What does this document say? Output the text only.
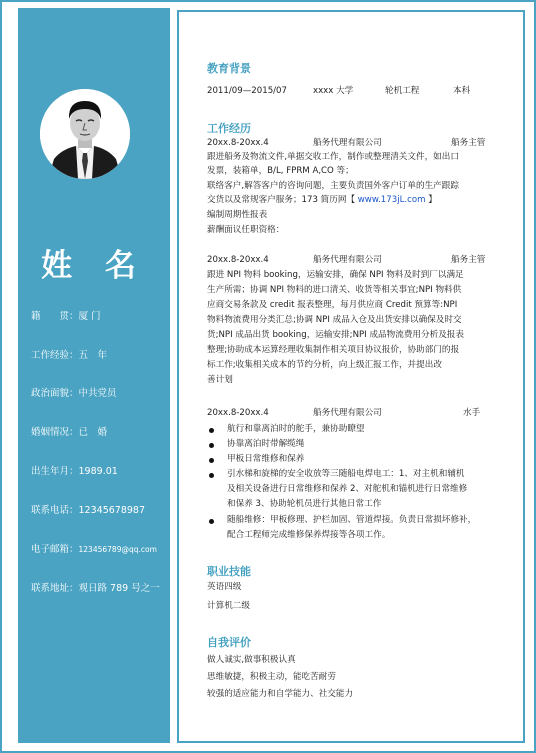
姓 名
籍　　贯：厦 门
工作经验：五　年
政治面貌：中共党员
婚姻情况：已　婚
出生年月：1989.01
联系电话：12345678987
电子邮箱：123456789@qq.com
联系地址：观日路 789 号之一
教育背景
2011/09—2015/07	xxxx 大学	轮机工程	本科
工作经历
20xx.8-20xx.4	船务代理有限公司	船务主管
跟进船务及物流文件,单据交收工作，制作或整理清关文件，如出口
发票，装箱单，B/L, FPRM A,CO 等；
联络客户,解答客户的咨询问题，主要负责国外客户订单的生产跟踪
交货以及常规客户服务；173 简历网【 www.173jL.com 】
编制周期性报表
薪酬面议任职资格：
20xx.8-20xx.4	船务代理有限公司	船务主管
跟进 NPI 物料 booking，运输安排，确保 NPI 物料及时到厂以满足
生产所需；协调 NPI 物料的进口清关、收货等相关事宜;NPI 物料供
应商交易条款及 credit 报表整理，每月供应商 Credit 预算等:NPI
物料物流费用分类汇总;协调 NPI 成品入仓及出货安排以确保及时交
货;NPI 成品出货 booking，运输安排;NPI 成品物流费用分析及报表
整理;协助成本运算经理收集制作相关项目协议报价，协助部门的报
标工作;收集相关成本的节约分析，向上级汇报工作，并提出改
善计划
20xx.8-20xx.4	船务代理有限公司	水手
航行和靠离泊时的舵手，兼协助瞭望
协靠离泊时带解缆绳
甲板日常维修和保养
引水梯和旋梯的安全收放等三随船电焊电工：1、对主机和辅机
及相关设备进行日常维修和保养 2、对舵机和锚机进行日常维修
和保养 3、协助轮机员进行其他日常工作
随船维修：甲板修理、护栏加固、管道焊接。负责日常损坏修补，
配合工程师完成维修保养焊接等各项工作。
职业技能
英语四级
计算机二级
自我评价
做人诚实,做事积极认真
思维敏捷，积极主动，能吃苦耐劳
较强的适应能力和自学能力、社交能力
